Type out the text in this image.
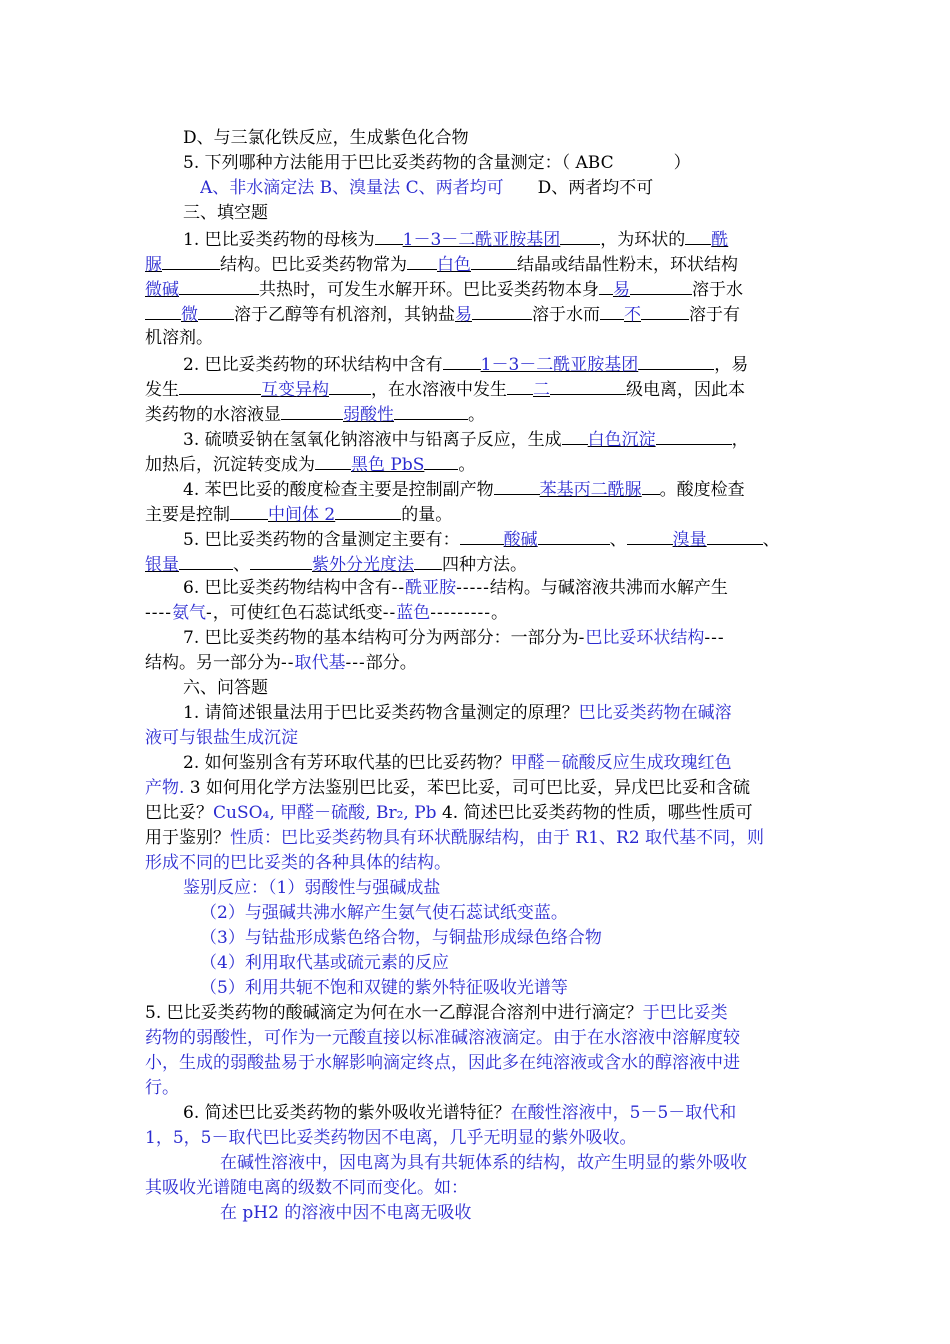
D、与三氯化铁反应，生成紫色化合物
5. 下列哪种方法能用于巴比妥类药物的含量测定：（ ABC	）
A、非水滴定法 B、溴量法 C、两者均可 D、两者均不可
三、填空题
1. 巴比妥类药物的母核为 1－3－二酰亚胺基团 ，为环状的 酰
脲	结构。巴比妥类药物常为 白色	结晶或结晶性粉末，环状结构
微碱	共热时，可发生水解开环。巴比妥类药物本身 易	溶于水
微 溶于乙醇等有机溶剂，其钠盐易	溶于水而 不	溶于有
机溶剂。
2. 巴比妥类药物的环状结构中含有 1－3－二酰亚胺基团	，易
发生	互变异构 ，在水溶液中发生 二	级电离，因此本
类药物的水溶液显	弱酸性	。
3. 硫喷妥钠在氢氧化钠溶液中与铅离子反应，生成 白色沉淀	，
加热后，沉淀转变成为 黑色 PbS 。
4. 苯巴比妥的酸度检查主要是控制副产物	苯基丙二酰脲 。酸度检查
主要是控制 中间体 2	的量。
5. 巴比妥类药物的含量测定主要有：	酸碱	、	溴量	、
银量	、	紫外分光度法 四种方法。
6. 巴比妥类药物结构中含有--酰亚胺-----结构。与碱溶液共沸而水解产生
----氨气-，可使红色石蕊试纸变--蓝色---------。
7. 巴比妥类药物的基本结构可分为两部分：一部分为-巴比妥环状结构---
结构。另一部分为--取代基---部分。
六、问答题
1. 请简述银量法用于巴比妥类药物含量测定的原理？巴比妥类药物在碱溶
液可与银盐生成沉淀
2. 如何鉴别含有芳环取代基的巴比妥药物？甲醛－硫酸反应生成玫瑰红色
产物. 3 如何用化学方法鉴别巴比妥，苯巴比妥，司可巴比妥，异戊巴比妥和含硫
巴比妥？CuSO₄, 甲醛－硫酸, Br₂, Pb 4. 简述巴比妥类药物的性质，哪些性质可
用于鉴别？性质：巴比妥类药物具有环状酰脲结构，由于 R1、R2 取代基不同，则
形成不同的巴比妥类的各种具体的结构。
鉴别反应：（1）弱酸性与强碱成盐
（2）与强碱共沸水解产生氨气使石蕊试纸变蓝。
（3）与钴盐形成紫色络合物，与铜盐形成绿色络合物
（4）利用取代基或硫元素的反应
（5）利用共轭不饱和双键的紫外特征吸收光谱等
5. 巴比妥类药物的酸碱滴定为何在水一乙醇混合溶剂中进行滴定？于巴比妥类
药物的弱酸性，可作为一元酸直接以标准碱溶液滴定。由于在水溶液中溶解度较
小，生成的弱酸盐易于水解影响滴定终点，因此多在纯溶液或含水的醇溶液中进
行。
6. 简述巴比妥类药物的紫外吸收光谱特征？在酸性溶液中，5－5－取代和
1，5，5－取代巴比妥类药物因不电离，几乎无明显的紫外吸收。
在碱性溶液中，因电离为具有共轭体系的结构，故产生明显的紫外吸收
其吸收光谱随电离的级数不同而变化。如：
在 pH2 的溶液中因不电离无吸收
